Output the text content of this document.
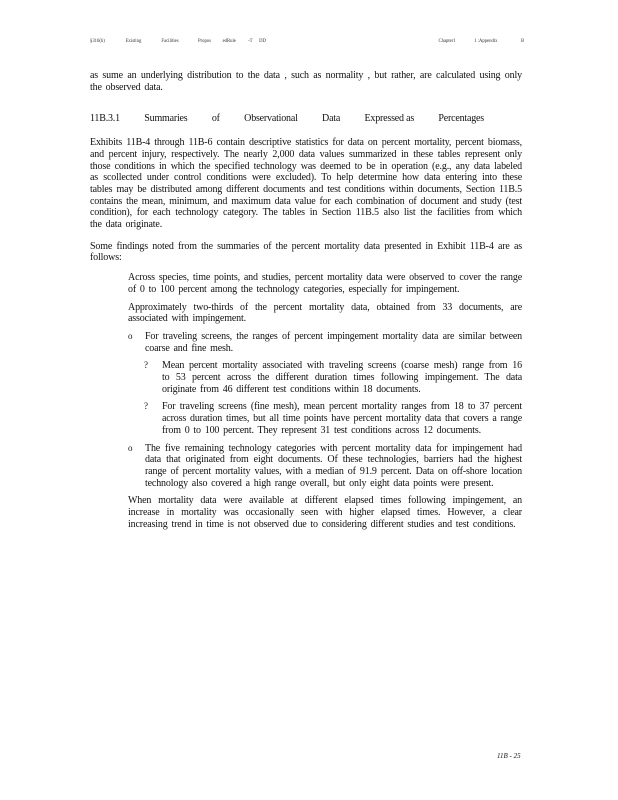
§316(b)	Existing	Facilities	Propos edRule -T DD	Chapter1	1 :Appendix	B

as sume an underlying distribution to the data , such as normality , but rather, are calculated using only the observed data.

11B.3.1 Summaries of Observational Data Expressed as Percentages

Exhibits 11B-4 through 11B-6 contain descriptive statistics for data on percent mortality, percent biomass, and percent injury, respectively. The nearly 2,000 data values summarized in these tables represent only those conditions in which the specified technology was deemed to be in operation (e.g., any data labeled as scollected under control conditions were excluded). To help determine how data entering into these tables may be distributed among different documents and test conditions within documents, Section 11B.5 contains the mean, minimum, and maximum data value for each combination of document and study (test condition), for each technology category. The tables in Section 11B.5 also list the facilities from which the data originate.

Some findings noted from the summaries of the percent mortality data presented in Exhibit 11B-4 are as follows:

Across species, time points, and studies, percent mortality data were observed to cover the range of 0 to 100 percent among the technology categories, especially for impingement.
Approximately two-thirds of the percent mortality data, obtained from 33 documents, are associated with impingement.
o For traveling screens, the ranges of percent impingement mortality data are similar between coarse and fine mesh.
? Mean percent mortality associated with traveling screens (coarse mesh) range from 16 to 53 percent across the different duration times following impingement. The data originate from 46 different test conditions within 18 documents.
? For traveling screens (fine mesh), mean percent mortality ranges from 18 to 37 percent across duration times, but all time points have percent mortality data that covers a range from 0 to 100 percent. They represent 31 test conditions across 12 documents.
o The five remaining technology categories with percent mortality data for impingement had data that originated from eight documents. Of these technologies, barriers had the highest range of percent mortality values, with a median of 91.9 percent. Data on off-shore location technology also covered a high range overall, but only eight data points were present.
When mortality data were available at different elapsed times following impingement, an increase in mortality was occasionally seen with higher elapsed times. However, a clear increasing trend in time is not observed due to considering different studies and test conditions.
11B - 25
